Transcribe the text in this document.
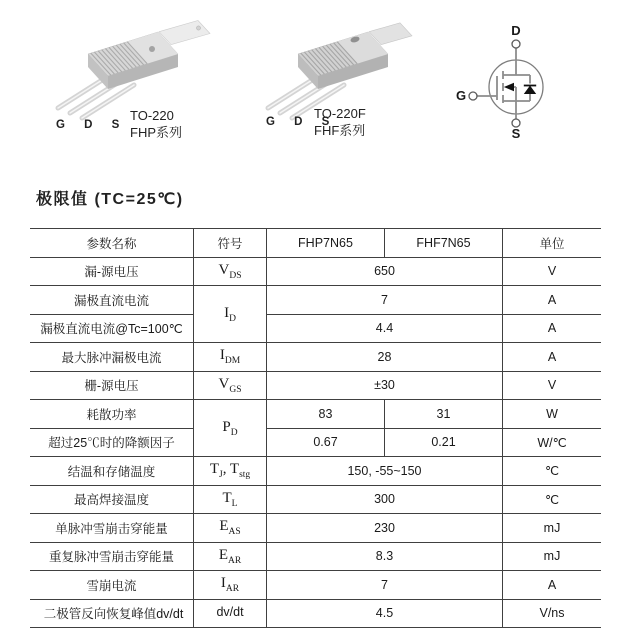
G D S
TO-220
FHP系列
G D S
TO-220F
FHF系列
D
G
S
极限值 (TC=25℃)
参数名称	符号	FHP7N65	FHF7N65	单位
漏-源电压	$V_{DS}$	650		V
漏极直流电流	$I_D$	7		A
漏极直流电流@Tc=100℃		4.4		A
最大脉冲漏极电流	$I_{DM}$	28		A
栅-源电压	$V_{GS}$	±30		V
耗散功率	$P_D$	83	31	W
超过25℃时的降额因子		0.67	0.21	W/℃
结温和存储温度	$T_J$, $T_{stg}$	150, -55~150		℃
最高焊接温度	$T_L$	300		℃
单脉冲雪崩击穿能量	$E_{AS}$	230		mJ
重复脉冲雪崩击穿能量	$E_{AR}$	8.3		mJ
雪崩电流	$I_{AR}$	7		A
二极管反向恢复峰值dv/dt	dv/dt	4.5		V/ns
